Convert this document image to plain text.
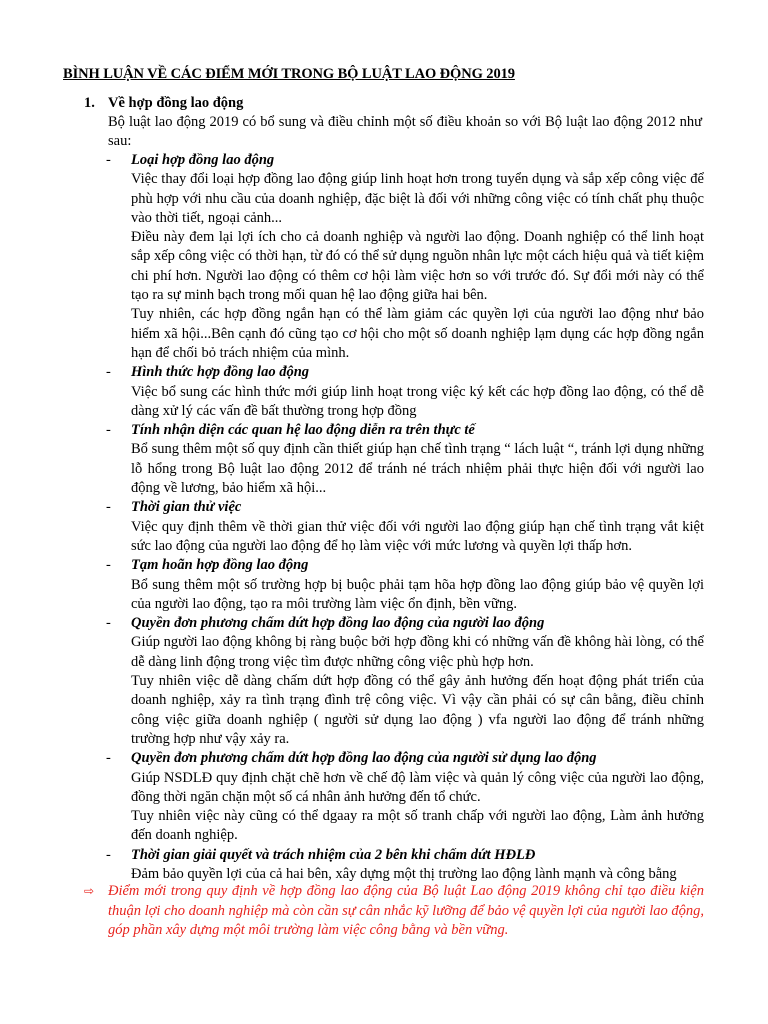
BÌNH LUẬN VỀ CÁC ĐIỂM MỚI TRONG BỘ LUẬT LAO ĐỘNG 2019
1. Về hợp đồng lao động
Bộ luật lao động 2019 có bổ sung và điều chỉnh một số điều khoản so với Bộ luật lao động 2012 như sau:
-	Loại hợp đồng lao động
Việc thay đổi loại hợp đồng lao động giúp linh hoạt hơn trong tuyển dụng và sắp xếp công việc để phù hợp với nhu cầu của doanh nghiệp, đặc biệt là đối với những công việc có tính chất phụ thuộc vào thời tiết, ngoại cảnh...
Điều này đem lại lợi ích cho cả doanh nghiệp và người lao động. Doanh nghiệp có thể linh hoạt sắp xếp công việc có thời hạn, từ đó có thể sử dụng nguồn nhân lực một cách hiệu quả và tiết kiệm chi phí hơn. Người lao động có thêm cơ hội làm việc hơn so với trước đó. Sự đổi mới này có thể tạo ra sự minh bạch trong mối quan hệ lao động giữa hai bên.
Tuy nhiên, các hợp đồng ngắn hạn có thể làm giảm các quyền lợi của người lao động như bảo hiểm xã hội...Bên cạnh đó cũng tạo cơ hội cho một số doanh nghiệp lạm dụng các hợp đồng ngắn hạn để chối bỏ trách nhiệm của mình.
-	Hình thức hợp đồng lao động
Việc bổ sung các hình thức mới giúp linh hoạt trong việc ký kết các hợp đồng lao động, có thể dễ dàng xử lý các vấn đề bất thường trong hợp đồng
-	Tính nhận diện các quan hệ lao động diễn ra trên thực tế
Bổ sung thêm một số quy định cần thiết giúp hạn chế tình trạng “ lách luật “, tránh lợi dụng những lỗ hổng trong Bộ luật lao động 2012 để tránh né trách nhiệm phải thực hiện đối với người lao động về lương, bảo hiểm xã hội...
-	Thời gian thử việc
Việc quy định thêm về thời gian thử việc đối với người lao động giúp hạn chế tình trạng vắt kiệt sức lao động của người lao động để họ làm việc với mức lương và quyền lợi thấp hơn.
-	Tạm hoãn hợp đồng lao động
Bổ sung thêm một số trường hợp bị buộc phải tạm hõa hợp đồng lao động giúp bảo vệ quyền lợi của người lao động, tạo ra môi trường làm việc ổn định, bền vững.
-	Quyền đơn phương chấm dứt hợp đồng lao động của người lao động
Giúp người lao động không bị ràng buộc bởi hợp đồng khi có những vấn đề không hài lòng, có thể dễ dàng linh động trong việc tìm được những công việc phù hợp hơn.
Tuy nhiên việc dễ dàng chấm dứt hợp đồng có thể gây ảnh hưởng đến hoạt động phát triển của doanh nghiệp, xảy ra tình trạng đình trệ công việc. Vì vậy cần phải có sự cân bằng, điều chỉnh công việc giữa doanh nghiệp ( người sử dụng lao động ) vfa người lao động để tránh những trường hợp như vậy xảy ra.
-	Quyền đơn phương chấm dứt hợp đồng lao động của người sử dụng lao động
Giúp NSDLĐ quy định chặt chẽ hơn về chế độ làm việc và quản lý công việc của người lao động, đồng thời ngăn chặn một số cá nhân ảnh hưởng đến tổ chức.
Tuy nhiên việc này cũng có thể dgaay ra một số tranh chấp với người lao động, Làm ảnh hưởng đến doanh nghiệp.
-	Thời gian giải quyết và trách nhiệm của 2 bên khi chấm dứt HĐLĐ
Đảm bảo quyền lợi của cả hai bên, xây dựng một thị trường lao động lành mạnh và công bằng
⇨ Điểm mới trong quy định về hợp đồng lao động của Bộ luật Lao động 2019 không chỉ tạo điều kiện thuận lợi cho doanh nghiệp mà còn cần sự cân nhắc kỹ lưỡng để bảo vệ quyền lợi của người lao động, góp phần xây dựng một môi trường làm việc công bằng và bền vững.
